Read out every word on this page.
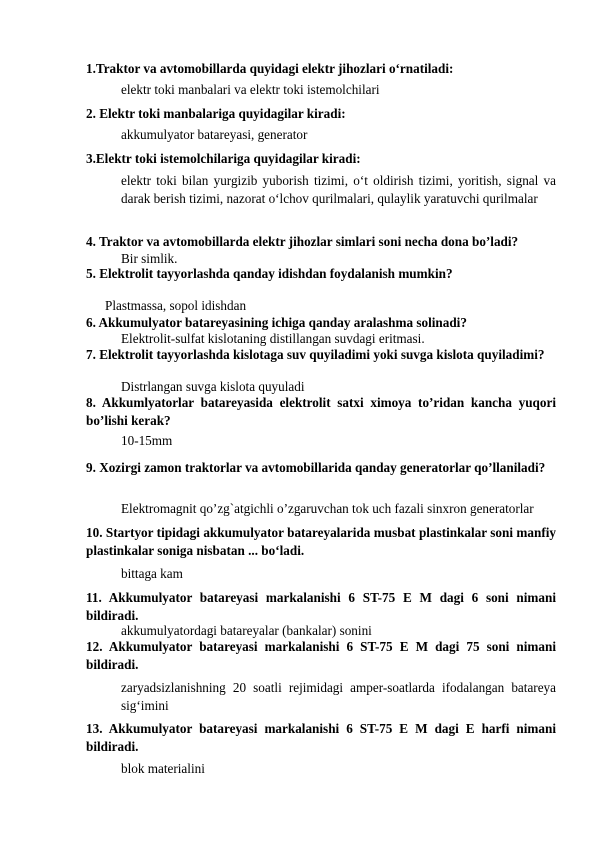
1.Traktor va avtomobillarda quyidagi elektr jihozlari o‘rnatiladi:

elektr toki manbalari va elektr toki istemolchilari

2. Elektr toki manbalariga quyidagilar kiradi:

akkumulyator batareyasi, generator

3.Elektr toki istemolchilariga quyidagilar kiradi:

elektr toki bilan yurgizib yuborish tizimi, o‘t oldirish tizimi, yoritish, signal va darak berish tizimi, nazorat o‘lchov qurilmalari, qulaylik yaratuvchi qurilmalar

4. Traktor va avtomobillarda elektr jihozlar simlari soni necha dona bo’ladi?

Bir simlik.

5. Elektrolit tayyorlashda qanday idishdan foydalanish mumkin?

Plastmassa, sopol idishdan

6. Akkumulyator batareyasining ichiga qanday aralashma solinadi?

Elektrolit-sulfat kislotaning distillangan suvdagi eritmasi.

7. Elektrolit tayyorlashda kislotaga suv quyiladimi yoki suvga kislota quyiladimi?

Distrlangan suvga kislota quyuladi

8. Akkumlyatorlar batareyasida elektrolit satxi ximoya to’ridan kancha yuqori bo’lishi kerak?

10-15mm

9. Xozirgi zamon traktorlar va avtomobillarida qanday generatorlar qo’llaniladi?

Elektromagnit qo’zg`atgichli o’zgaruvchan tok uch fazali sinxron generatorlar

10. Startyor tipidagi akkumulyator batareyalarida musbat plastinkalar soni manfiy plastinkalar soniga nisbatan ... bo‘ladi.

bittaga kam

11. Akkumulyator batareyasi markalanishi 6 ST-75 E M dagi 6 soni nimani bildiradi.

akkumulyatordagi batareyalar (bankalar) sonini

12. Akkumulyator batareyasi markalanishi 6 ST-75 E M dagi 75 soni nimani bildiradi.

zaryadsizlanishning 20 soatli rejimidagi amper-soatlarda ifodalangan batareya sig‘imini

13. Akkumulyator batareyasi markalanishi 6 ST-75 E M dagi E harfi nimani bildiradi.

blok materialini
